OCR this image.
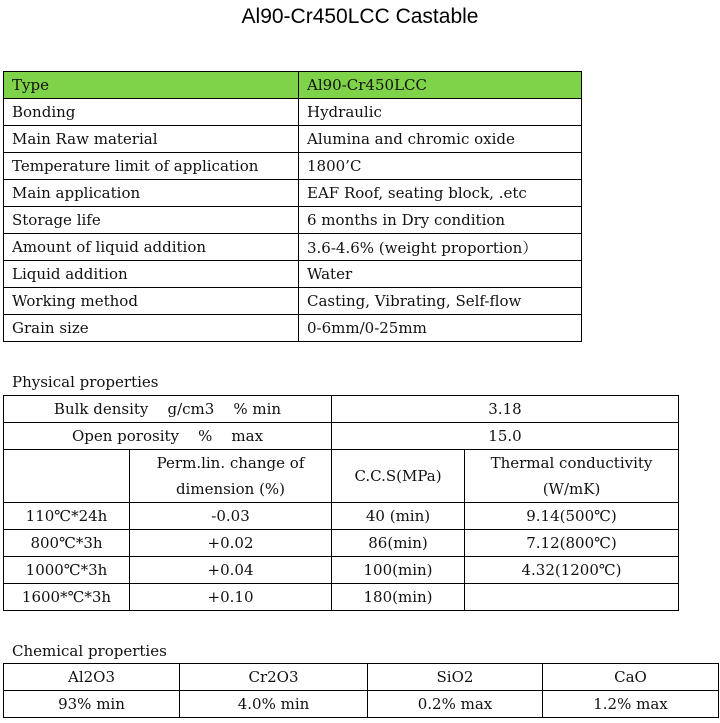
Al90-Cr450LCC Castable
Type	Al90-Cr450LCC
Bonding	Hydraulic
Main Raw material	Alumina and chromic oxide
Temperature limit of application	1800’C
Main application	EAF Roof, seating block, .etc
Storage life	6 months in Dry condition
Amount of liquid addition	3.6-4.6% (weight proportion）
Liquid addition	Water
Working method	Casting, Vibrating, Self-flow
Grain size	0-6mm/0-25mm
Physical properties
Bulk density    g/cm3    % min		3.18	
Open porosity    %    max		15.0	
	Perm.lin. change of dimension (%)	C.C.S(MPa)	Thermal conductivity (W/mK)
110℃*24h	-0.03	40 (min)	9.14(500℃)
800℃*3h	+0.02	86(min)	7.12(800℃)
1000℃*3h	+0.04	100(min)	4.32(1200℃)
1600*℃*3h	+0.10	180(min)	
Chemical properties
Al2O3	Cr2O3	SiO2	CaO
93% min	4.0% min	0.2% max	1.2% max
